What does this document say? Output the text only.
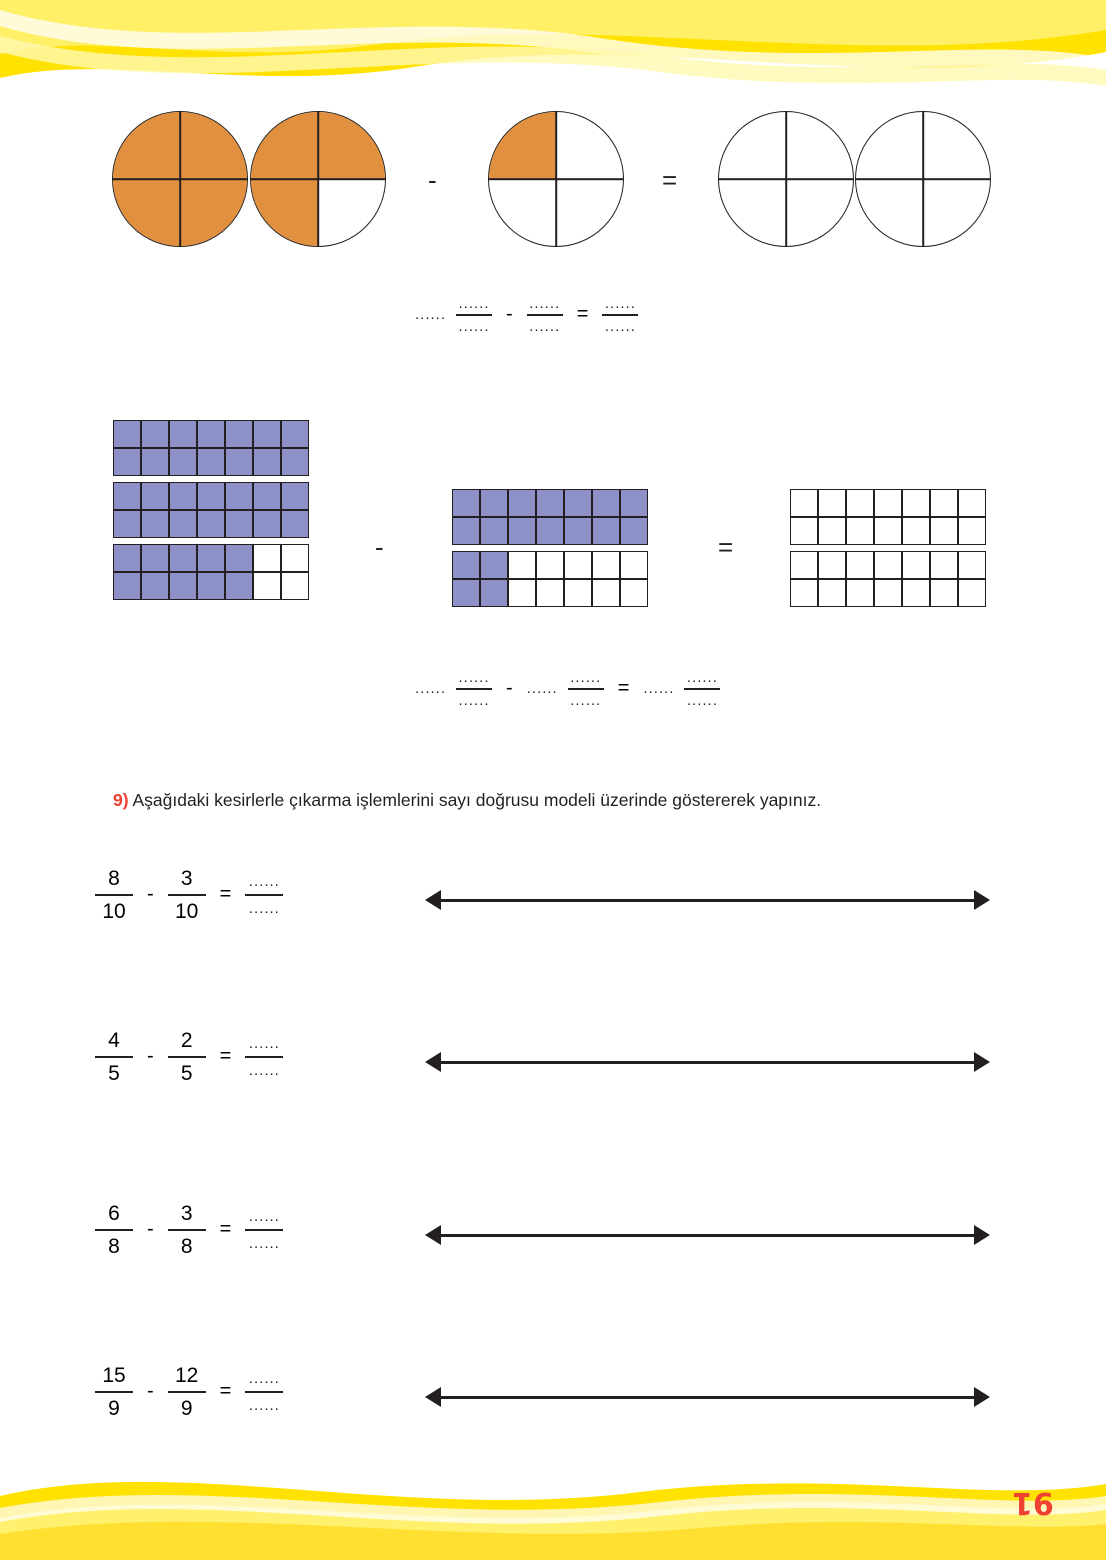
-	=
...... $\frac{......}{......} - \frac{......}{......} = \frac{......}{......}$
-	=
...... $\frac{......}{......}$ - ...... $\frac{......}{......}$ = ...... $\frac{......}{......}$
9) Aşağıdaki kesirlerle çıkarma işlemlerini sayı doğrusu modeli üzerinde göstererek yapınız.
$\frac{8}{10} - \frac{3}{10} = \frac{......}{......}$
$\frac{4}{5} - \frac{2}{5} = \frac{......}{......}$
$\frac{6}{8} - \frac{3}{8} = \frac{......}{......}$
$\frac{15}{9} - \frac{12}{9} = \frac{......}{......}$
91
